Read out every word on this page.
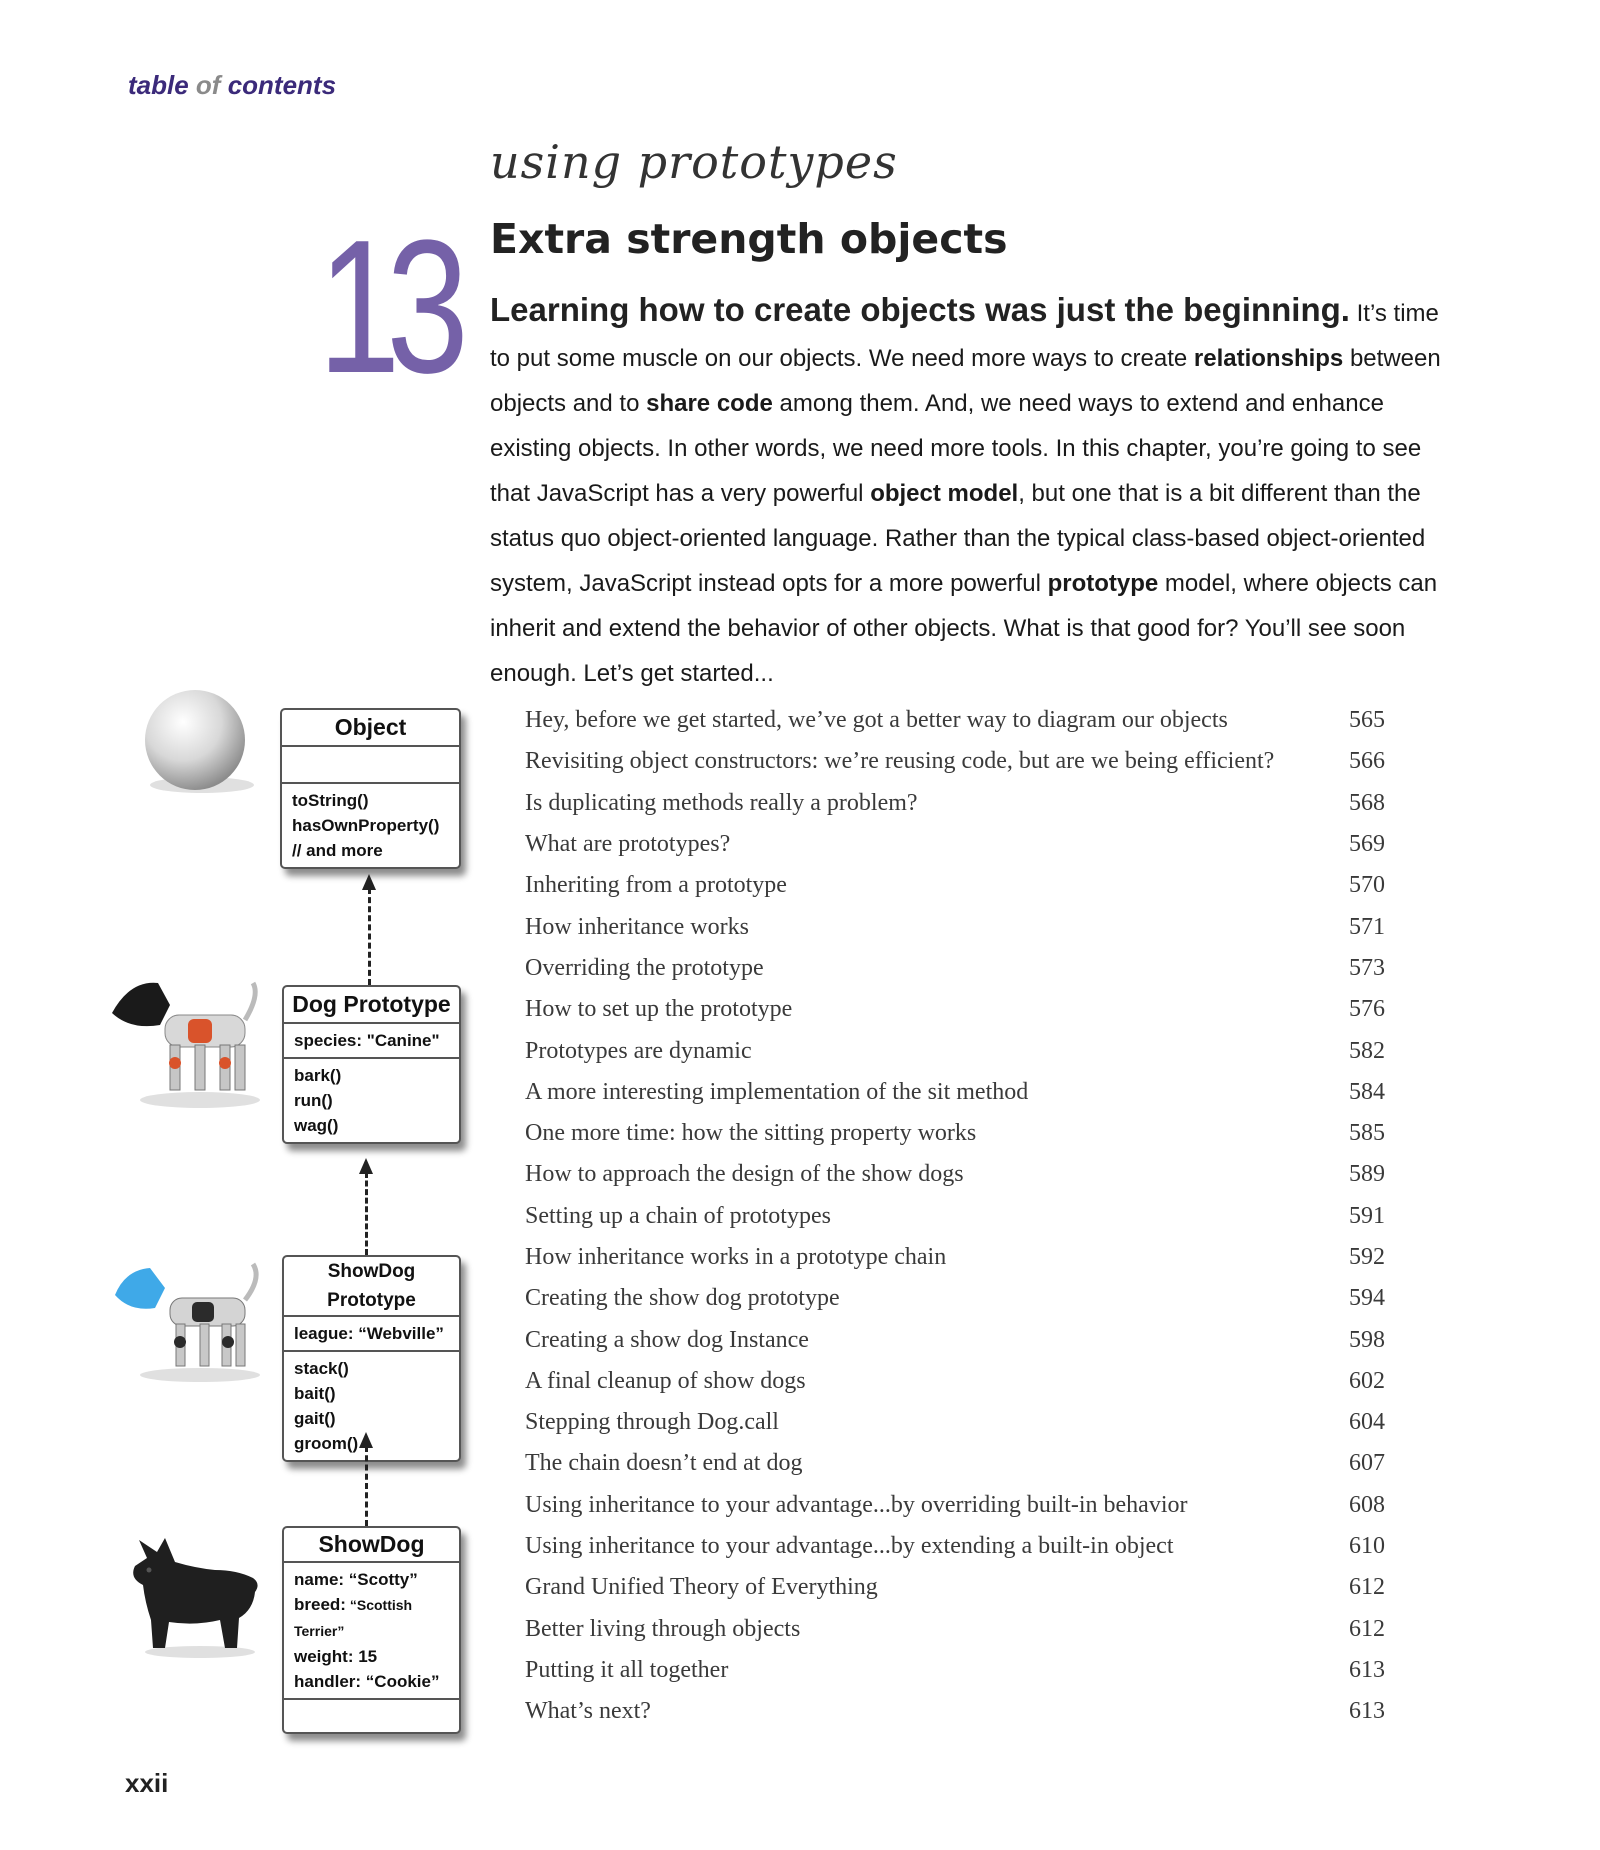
table of contents
using prototypes
Extra strength objects
13 Learning how to create objects was just the beginning. It’s time to put some muscle on our objects. We need more ways to create relationships between objects and to share code among them. And, we need ways to extend and enhance existing objects. In other words, we need more tools. In this chapter, you’re going to see that JavaScript has a very powerful object model, but one that is a bit different than the status quo object-oriented language. Rather than the typical class-based object-oriented system, JavaScript instead opts for a more powerful prototype model, where objects can inherit and extend the behavior of other objects. What is that good for? You’ll see soon enough. Let’s get started...
Object
toString()
hasOwnProperty()
// and more
Dog Prototype
species: "Canine"
bark()
run()
wag()
ShowDog Prototype
league: “Webville”
stack()
bait()
gait()
groom()
ShowDog
name: “Scotty”
breed: “Scottish Terrier”
weight: 15
handler: “Cookie”
Hey, before we get started, we’ve got a better way to diagram our objects	565
Revisiting object constructors: we’re reusing code, but are we being efficient?	566
Is duplicating methods really a problem?	568
What are prototypes?	569
Inheriting from a prototype	570
How inheritance works	571
Overriding the prototype	573
How to set up the prototype	576
Prototypes are dynamic	582
A more interesting implementation of the sit method	584
One more time: how the sitting property works	585
How to approach the design of the show dogs	589
Setting up a chain of prototypes	591
How inheritance works in a prototype chain	592
Creating the show dog prototype	594
Creating a show dog Instance	598
A final cleanup of show dogs	602
Stepping through Dog.call	604
The chain doesn’t end at dog	607
Using inheritance to your advantage...by overriding built-in behavior	608
Using inheritance to your advantage...by extending a built-in object	610
Grand Unified Theory of Everything	612
Better living through objects	612
Putting it all together	613
What’s next?	613
xxii
